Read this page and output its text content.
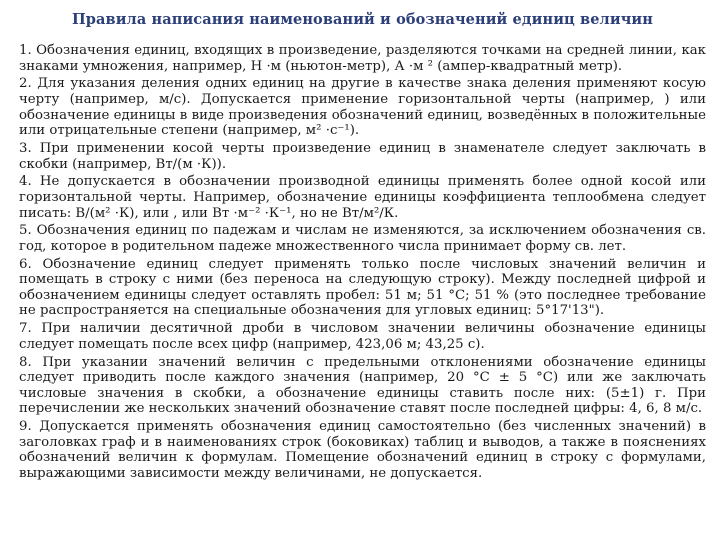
Правила написания наименований и обозначений единиц величин

1. Обозначения единиц, входящих в произведение, разделяются точками на средней линии, как знаками умножения, например, Н ·м (ньютон-метр), А ·м ² (ампер-квадратный метр).

2. Для указания деления одних единиц на другие в качестве знака деления применяют косую черту (например, м/с). Допускается применение горизонтальной черты (например, ) или обозначение единицы в виде произведения обозначений единиц, возведённых в положительные или отрицательные степени (например, м² ·с⁻¹).

3. При применении косой черты произведение единиц в знаменателе следует заключать в скобки (например, Вт/(м ·К)).

4. Не допускается в обозначении производной единицы применять более одной косой или горизонтальной черты. Например, обозначение единицы коэффициента теплообмена следует писать: В/(м² ·К), или , или Вт ·м⁻² ·К⁻¹, но не Вт/м²/К.

5. Обозначения единиц по падежам и числам не изменяются, за исключением обозначения св. год, которое в родительном падеже множественного числа принимает форму св. лет.

6. Обозначение единиц следует применять только после числовых значений величин и помещать в строку с ними (без переноса на следующую строку). Между последней цифрой и обозначением единицы следует оставлять пробел: 51 м; 51 °С; 51 % (это последнее требование не распространяется на специальные обозначения для угловых единиц: 5°17'13").

7. При наличии десятичной дроби в числовом значении величины обозначение единицы следует помещать после всех цифр (например, 423,06 м; 43,25 с).

8. При указании значений величин с предельными отклонениями обозначение единицы следует приводить после каждого значения (например, 20 °С ± 5 °С) или же заключать числовые значения в скобки, а обозначение единицы ставить после них: (5±1) г. При перечислении же нескольких значений обозначение ставят после последней цифры: 4, 6, 8 м/с.

9. Допускается применять обозначения единиц самостоятельно (без численных значений) в заголовках граф и в наименованиях строк (боковиках) таблиц и выводов, а также в пояснениях обозначений величин к формулам. Помещение обозначений единиц в строку с формулами, выражающими зависимости между величинами, не допускается.
